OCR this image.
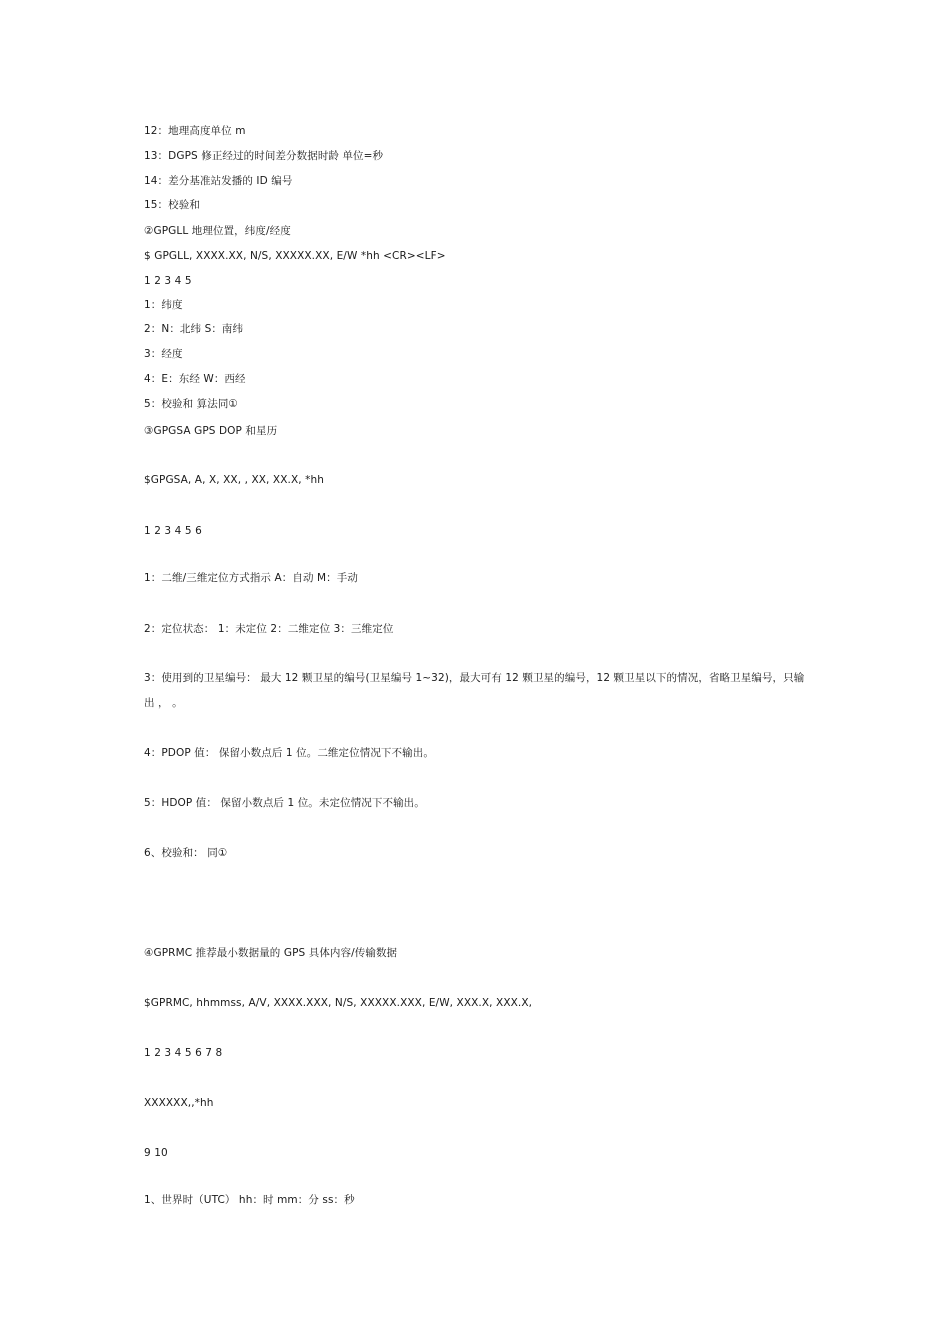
12：地理高度单位 m
13：DGPS 修正经过的时间差分数据时龄 单位=秒
14：差分基准站发播的 ID 编号
15：校验和
②GPGLL 地理位置，纬度/经度
$ GPGLL, XXXX.XX, N/S, XXXXX.XX, E/W *hh <CR><LF>
1 2 3 4 5
1：纬度
2：N：北纬 S：南纬
3：经度
4：E：东经 W：西经
5：校验和 算法同①
③GPGSA GPS DOP 和星历
$GPGSA, A, X, XX, , XX, XX.X, *hh
1 2 3 4 5 6
1：二维/三维定位方式指示 A：自动 M：手动
2：定位状态： 1：未定位 2：二维定位 3：三维定位
3：使用到的卫星编号： 最大 12 颗卫星的编号(卫星编号 1~32)，最大可有 12 颗卫星的编号，12 颗卫星以下的情况，省略卫星编号，只输出 ， 。
4：PDOP 值： 保留小数点后 1 位。二维定位情况下不输出。
5：HDOP 值： 保留小数点后 1 位。未定位情况下不输出。
6、校验和： 同①
④GPRMC 推荐最小数据量的 GPS 具体内容/传输数据
$GPRMC, hhmmss, A/V, XXXX.XXX, N/S, XXXXX.XXX, E/W, XXX.X, XXX.X,
1 2 3 4 5 6 7 8
XXXXXX,,*hh
9 10
1、世界时（UTC） hh：时 mm：分 ss：秒
